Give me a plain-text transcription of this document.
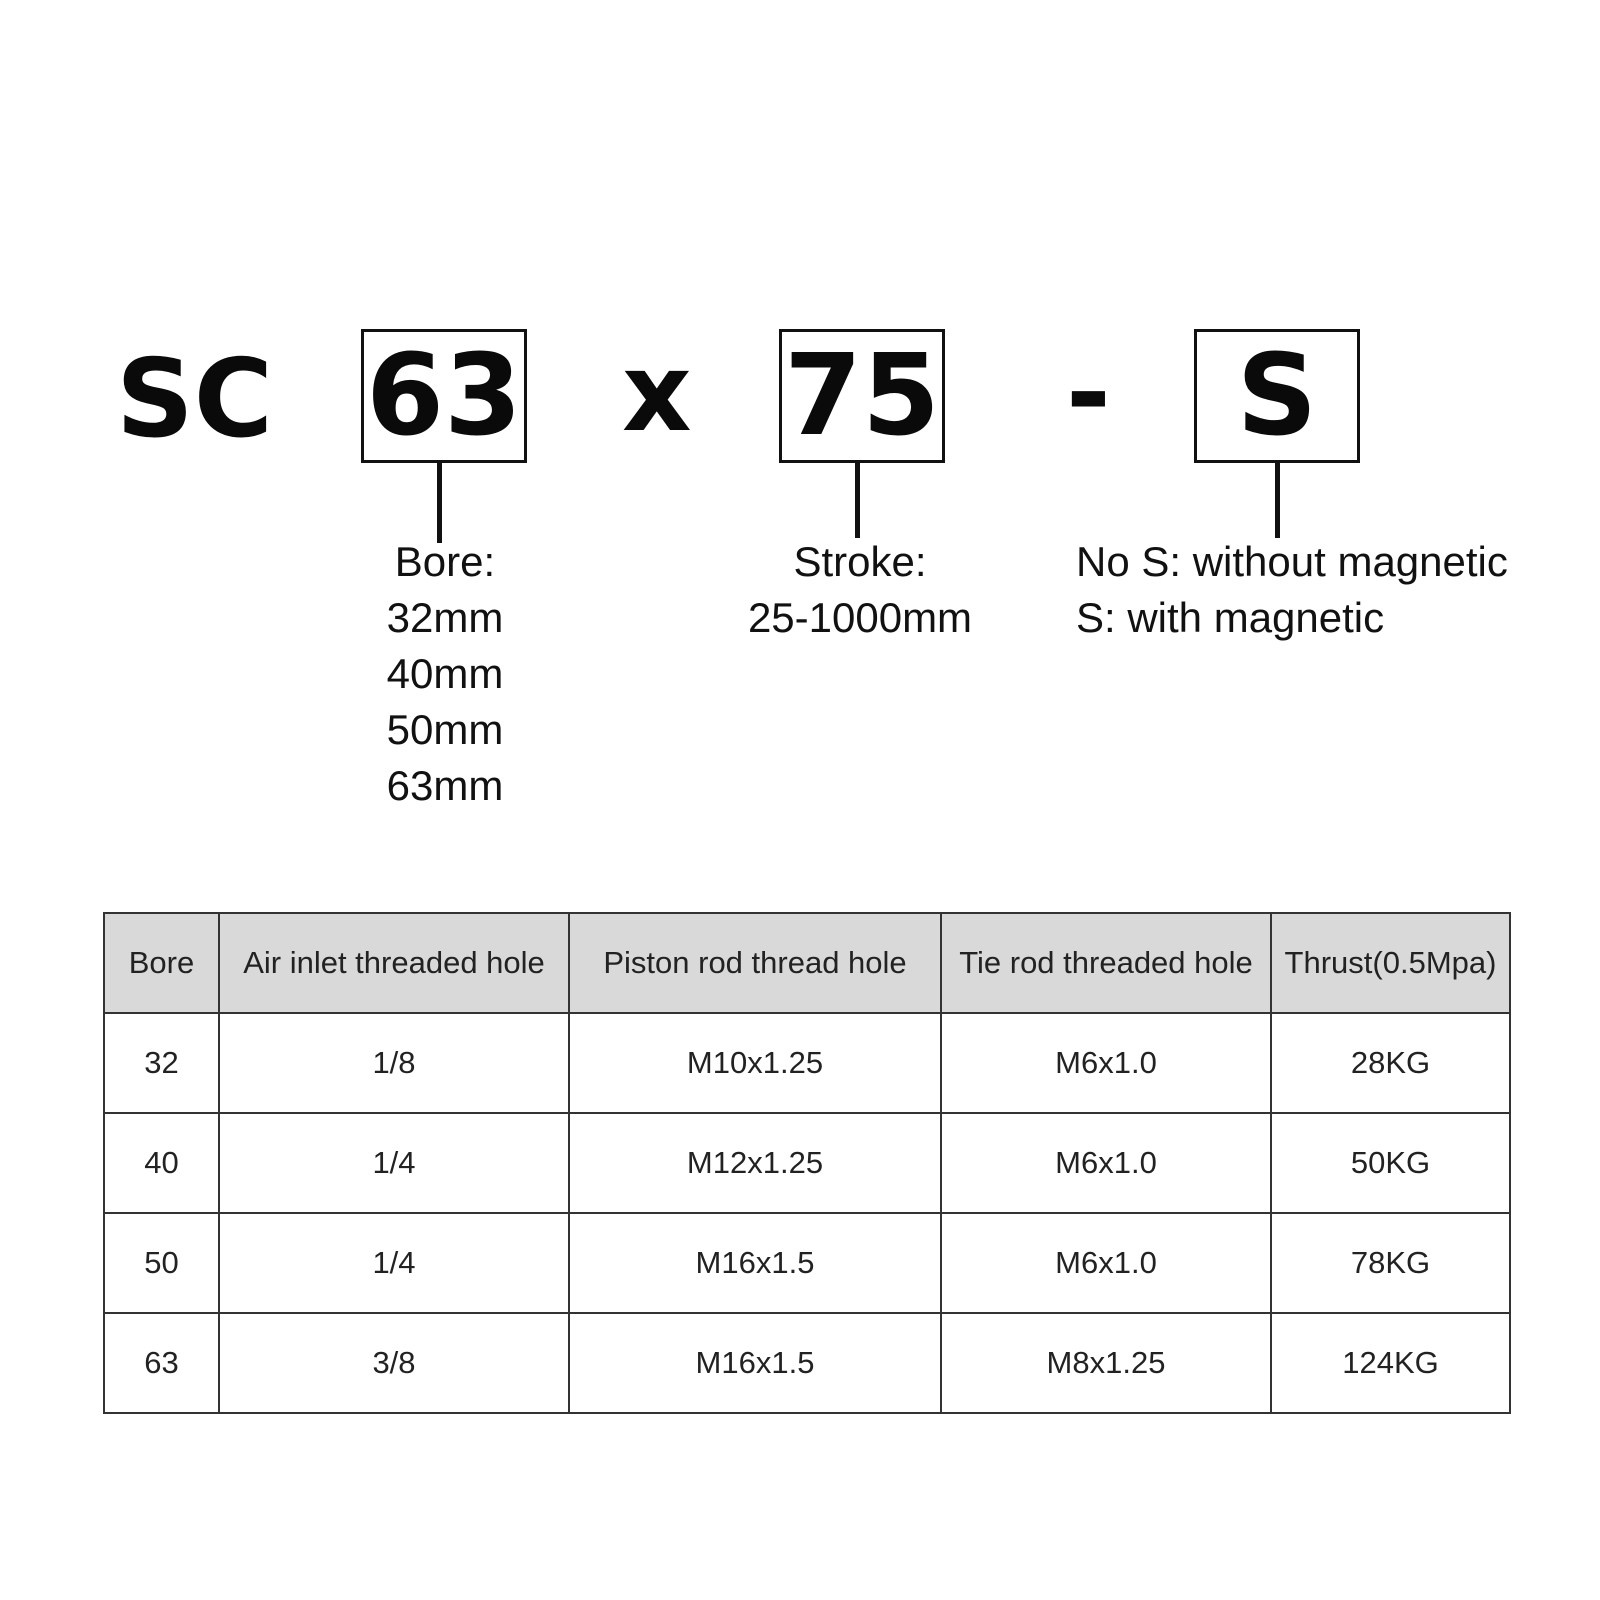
SC 63 x 75 - S
Bore:
32mm
40mm
50mm
63mm
Stroke:
25-1000mm
No S: without magnetic
S: with magnetic
Bore	Air inlet threaded hole	Piston rod thread hole	Tie rod threaded hole	Thrust(0.5Mpa)
32	1/8	M10x1.25	M6x1.0	28KG
40	1/4	M12x1.25	M6x1.0	50KG
50	1/4	M16x1.5	M6x1.0	78KG
63	3/8	M16x1.5	M8x1.25	124KG
